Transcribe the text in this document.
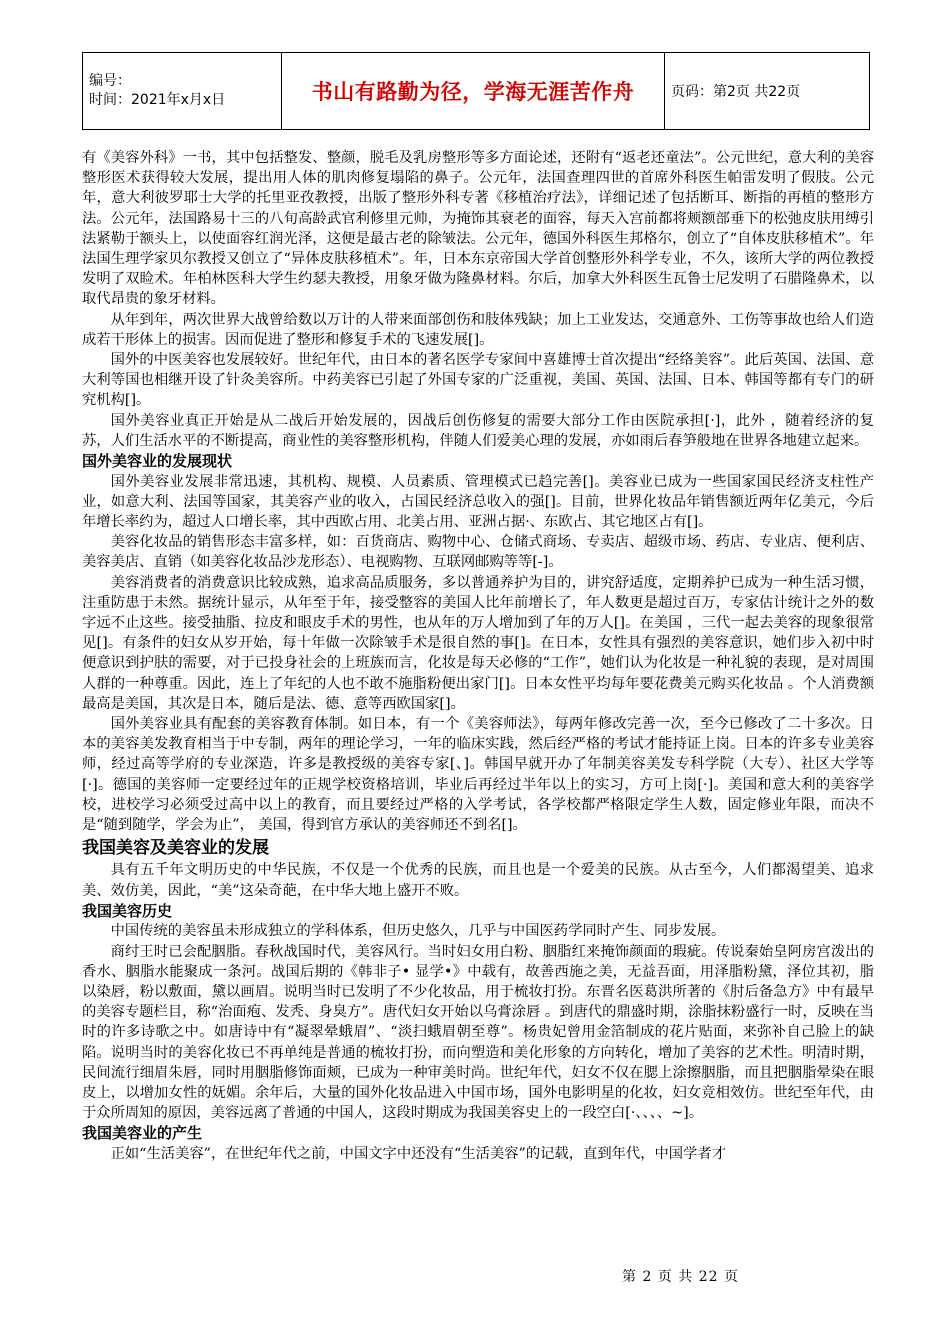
编号：
时间：2021年x月x日	书山有路勤为径，学海无涯苦作舟	页码：第2页 共22页

有《美容外科》一书，其中包括整发、整颜，脱毛及乳房整形等多方面论述，还附有“返老还童法”。公元世纪，意大利的美容整形医术获得较大发展，提出用人体的肌肉修复塌陷的鼻子。公元年，法国查理四世的首席外科医生帕雷发明了假肢。公元年，意大利彼罗耶士大学的托里亚孜教授，出版了整形外科专著《移植治疗法》，详细记述了包括断耳、断指的再植的整形方法。公元年，法国路易十三的八旬高龄武官利修里元帅，为掩饰其衰老的面容，每天入宫前都将颊额部垂下的松弛皮肤用缚引法紧勒于额头上，以使面容红润光泽，这便是最古老的除皱法。公元年，德国外科医生邦格尔，创立了“自体皮肤移植术”。年法国生理学家贝尔教授又创立了“异体皮肤移植术”。年，日本东京帝国大学首创整形外科学专业，不久，该所大学的两位教授发明了双睑术。年柏林医科大学生约瑟夫教授，用象牙做为隆鼻材料。尔后，加拿大外科医生瓦鲁士尼发明了石腊隆鼻术，以取代昂贵的象牙材料。

从年到年，两次世界大战曾给数以万计的人带来面部创伤和肢体残缺；加上工业发达，交通意外、工伤等事故也给人们造成若干形体上的损害。因而促进了整形和修复手术的飞速发展[]。

国外的中医美容也发展较好。世纪年代，由日本的著名医学专家间中喜雄博士首次提出“经络美容”。此后英国、法国、意大利等国也相继开设了针灸美容所。中药美容已引起了外国专家的广泛重视，美国、英国、法国、日本、韩国等都有专门的研究机构[]。

国外美容业真正开始是从二战后开始发展的，因战后创伤修复的需要大部分工作由医院承担[·]，此外 ，随着经济的复苏，人们生活水平的不断提高，商业性的美容整形机构，伴随人们爱美心理的发展，亦如雨后春笋般地在世界各地建立起来。

国外美容业的发展现状

国外美容业发展非常迅速，其机构、规模、人员素质、管理模式已趋完善[]。美容业已成为一些国家国民经济支柱性产业，如意大利、法国等国家，其美容产业的收入，占国民经济总收入的强[]。目前，世界化妆品年销售额近两年亿美元，今后年增长率约为，超过人口增长率，其中西欧占用、北美占用、亚洲占据·、东欧占、其它地区占有[]。

美容化妆品的销售形态丰富多样，如：百货商店、购物中心、仓储式商场、专卖店、超级市场、药店、专业店、便利店、美容美店、直销（如美容化妆品沙龙形态）、电视购物、互联网邮购等等[-]。

美容消费者的消费意识比较成熟，追求高品质服务，多以普通养护为目的，讲究舒适度，定期养护已成为一种生活习惯，注重防患于未然。据统计显示，从年至于年，接受整容的美国人比年前增长了，年人数更是超过百万，专家估计统计之外的数字远不止这些。接受抽脂、拉皮和眼皮手术的男性，也从年的万人增加到了年的万人[]。在美国 ，三代一起去美容的现象很常见[]。有条件的妇女从岁开始，每十年做一次除皱手术是很自然的事[]。在日本，女性具有强烈的美容意识，她们步入初中时便意识到护肤的需要，对于已投身社会的上班族而言，化妆是每天必修的“工作”，她们认为化妆是一种礼貌的表现，是对周围人群的一种尊重。因此，连上了年纪的人也不敢不施脂粉便出家门[]。日本女性平均每年要花费美元购买化妆品 。个人消费额最高是美国，其次是日本，随后是法、德、意等西欧国家[]。

国外美容业具有配套的美容教育体制。如日本，有一个《美容师法》，每两年修改完善一次，至今已修改了二十多次。日本的美容美发教育相当于中专制，两年的理论学习，一年的临床实践，然后经严格的考试才能持证上岗。日本的许多专业美容师，经过高等学府的专业深造，许多是教授级的美容专家[、]。韩国早就开办了年制美容美发专科学院（大专）、社区大学等[·]。德国的美容师一定要经过年的正规学校资格培训，毕业后再经过半年以上的实习，方可上岗[·]。美国和意大利的美容学校，进校学习必须受过高中以上的教育，而且要经过严格的入学考试，各学校都严格限定学生人数，固定修业年限，而决不是“随到随学，学会为止”， 美国，得到官方承认的美容师还不到名[]。

我国美容及美容业的发展

具有五千年文明历史的中华民族，不仅是一个优秀的民族，而且也是一个爱美的民族。从古至今，人们都渴望美、追求美、效仿美，因此，“美”这朵奇葩，在中华大地上盛开不败。

我国美容历史

中国传统的美容虽未形成独立的学科体系，但历史悠久，几乎与中国医药学同时产生、同步发展。

商纣王时已会配胭脂。春秋战国时代，美容风行。当时妇女用白粉、胭脂红来掩饰颜面的瑕疵。传说秦始皇阿房宫泼出的香水、胭脂水能聚成一条河。战国后期的《韩非子• 显学•》中载有，故善西施之美，无益吾面，用泽脂粉黛，泽位其初，脂以染唇，粉以敷面，黛以画眉。说明当时已发明了不少化妆品，用于梳妆打扮。东晋名医葛洪所著的《肘后备急方》中有最早的美容专题栏目，称“治面疱、发秃、身臭方”。唐代妇女开始以乌膏涂唇 。到唐代的鼎盛时期，涂脂抹粉盛行一时，反映在当时的许多诗歌之中。如唐诗中有“凝翠晕蛾眉”、“淡扫蛾眉朝至尊”。杨贵妃曾用金箔制成的花片贴面，来弥补自己脸上的缺陷。说明当时的美容化妆已不再单纯是普通的梳妆打扮，而向塑造和美化形象的方向转化，增加了美容的艺术性。明清时期，民间流行细眉朱唇，同时用胭脂修饰面颊，已成为一种审美时尚。世纪年代，妇女不仅在腮上涂擦胭脂，而且把胭脂晕染在眼皮上，以增加女性的妩媚。余年后，大量的国外化妆品进入中国市场，国外电影明星的化妆，妇女竞相效仿。世纪至年代，由于众所周知的原因，美容远离了普通的中国人，这段时期成为我国美容史上的一段空白[·、、、、~]。

我国美容业的产生

正如“生活美容”，在世纪年代之前，中国文字中还没有“生活美容”的记载，直到年代，中国学者才

第 2 页 共 22 页
